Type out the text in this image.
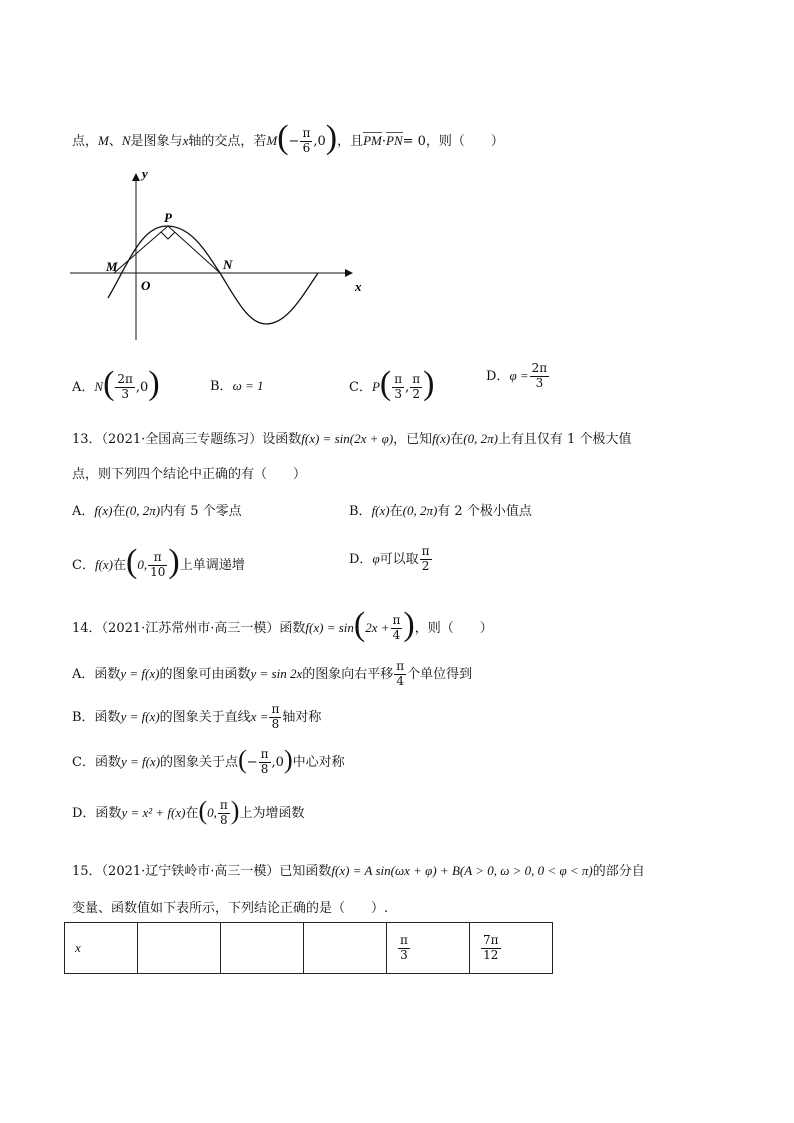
点，M、N是图象与x轴的交点，若$M(- \frac{\pi}{6} ,0)$，且PM·PN= 0，则（　　）
x
y
P
M	N
O
A．$N( \frac{2\pi}{3} ,0)$	B．ω = 1	C．$P( \frac{\pi}{3}$ , $\frac{\pi}{2}$ )	D．$\varphi = \frac{2\pi}{3}$
13．（2021·全国高三专题练习）设函数f(x) = sin(2x + φ)，已知f(x)在(0, 2π)上有且仅有 1 个极大值
点，则下列四个结论中正确的有（　　）
A．f(x)在(0, 2π)内有 5 个零点	B．f(x)在(0, 2π)有 2 个极小值点
C．f(x)在(0, $\frac{\pi}{10}$ )上单调递增	D．φ可以取 $\frac{\pi}{2}$
14．（2021·江苏常州市·高三一模）函数$f(x) = \sin(2x + \frac{\pi}{4}$ )，则（　　）
A．函数y = f(x)的图象可由函数y = sin 2x的图象向右平移 $\frac{\pi}{4}$ 个单位得到
B．函数y = f(x)的图象关于直线$x = \frac{\pi}{8}$ 轴对称
C．函数y = f(x)的图象关于点(− $\frac{\pi}{8} ,0$)中心对称
D．函数y = x² + f(x)在(0, $\frac{\pi}{8}$ )上为增函数
15．（2021·辽宁铁岭市·高三一模）已知函数f(x) = A sin(ωx + φ) + B(A > 0, ω > 0, 0 < φ < π)的部分自
变量、函数值如下表所示，下列结论正确的是（　　）.
x				$\frac{\pi}{3}$	$\frac{7\pi}{12}$
